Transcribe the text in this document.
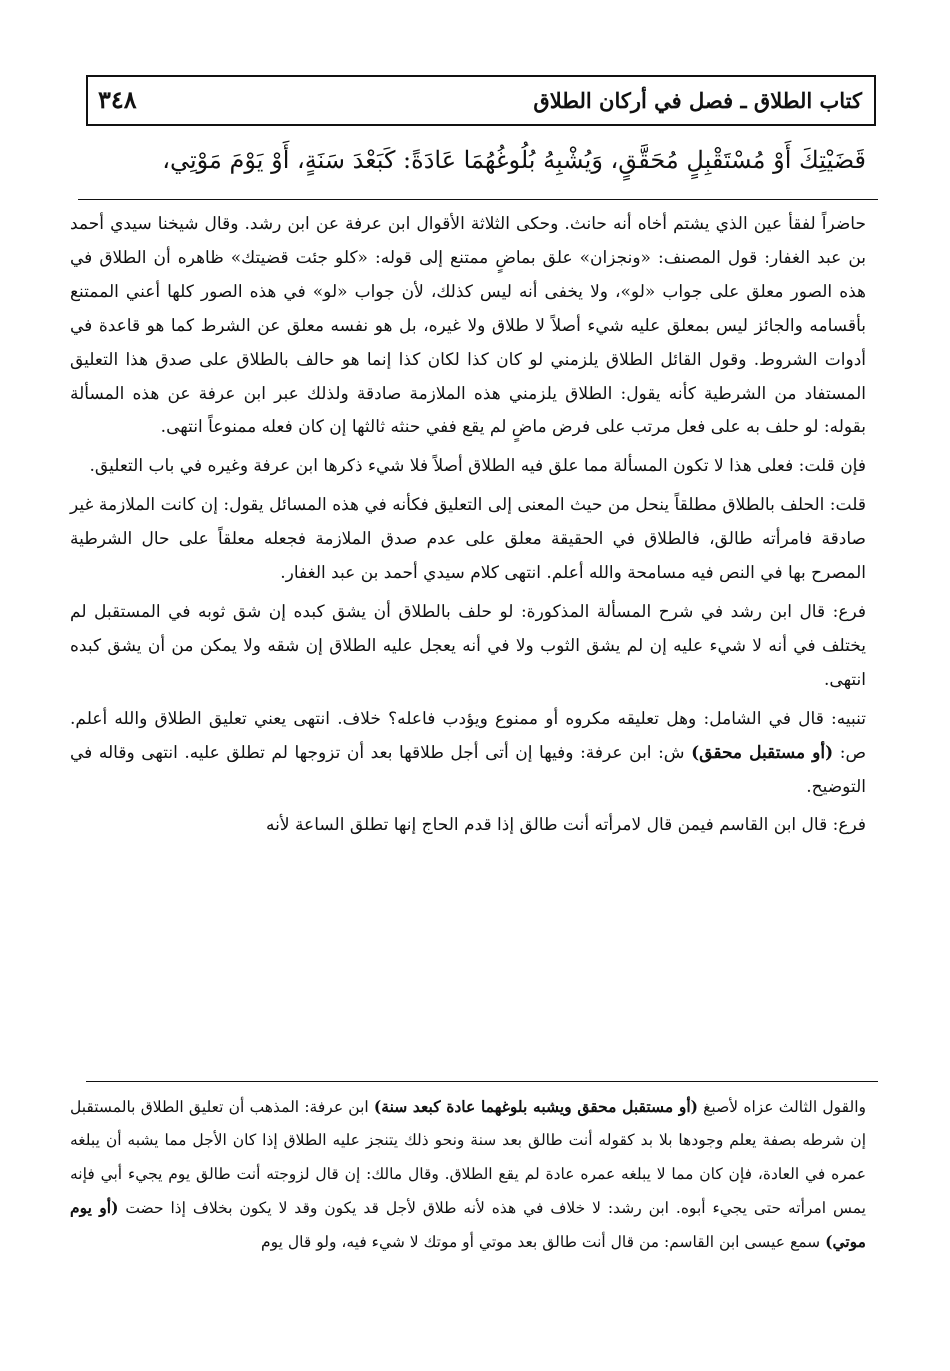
٣٤٨	كتاب الطلاق ـ فصل في أركان الطلاق
قَضَيْتِكَ أَوْ مُسْتَقْبِلٍ مُحَقَّقٍ، وَيُشْبِهُ بُلُوغُهُمَا عَادَةً: كَبَعْدَ سَنَةٍ، أَوْ يَوْمَ مَوْتِي،

حاضراً لفقأ عين الذي يشتم أخاه أنه حانث. وحكى الثلاثة الأقوال ابن عرفة عن ابن رشد. وقال شيخنا سيدي أحمد بن عبد الغفار: قول المصنف: «ونجزان» علق بماضٍ ممتنع إلى قوله: «كلو جئت قضيتك» ظاهره أن الطلاق في هذه الصور معلق على جواب «لو»، ولا يخفى أنه ليس كذلك، لأن جواب «لو» في هذه الصور كلها أعني الممتنع بأقسامه والجائز ليس بمعلق عليه شيء أصلاً لا طلاق ولا غيره، بل هو نفسه معلق عن الشرط كما هو قاعدة في أدوات الشروط. وقول القائل الطلاق يلزمني لو كان كذا لكان كذا إنما هو حالف بالطلاق على صدق هذا التعليق المستفاد من الشرطية كأنه يقول: الطلاق يلزمني هذه الملازمة صادقة ولذلك عبر ابن عرفة عن هذه المسألة بقوله: لو حلف به على فعل مرتب على فرض ماضٍ لم يقع ففي حنثه ثالثها إن كان فعله ممنوعاً انتهى.

فإن قلت: فعلى هذا لا تكون المسألة مما علق فيه الطلاق أصلاً فلا شيء ذكرها ابن عرفة وغيره في باب التعليق.

قلت: الحلف بالطلاق مطلقاً ينحل من حيث المعنى إلى التعليق فكأنه في هذه المسائل يقول: إن كانت الملازمة غير صادقة فامرأته طالق، فالطلاق في الحقيقة معلق على عدم صدق الملازمة فجعله معلقاً على حال الشرطية المصرح بها في النص فيه مسامحة والله أعلم. انتهى كلام سيدي أحمد بن عبد الغفار.

فرع: قال ابن رشد في شرح المسألة المذكورة: لو حلف بالطلاق أن يشق كبده إن شق ثوبه في المستقبل لم يختلف في أنه لا شيء عليه إن لم يشق الثوب ولا في أنه يعجل عليه الطلاق إن شقه ولا يمكن من أن يشق كبده انتهى.

تنبيه: قال في الشامل: وهل تعليقه مكروه أو ممنوع ويؤدب فاعله؟ خلاف. انتهى يعني تعليق الطلاق والله أعلم. ص: (أو مستقبل محقق) ش: ابن عرفة: وفيها إن أتى أجل طلاقها بعد أن تزوجها لم تطلق عليه. انتهى وقاله في التوضيح.

فرع: قال ابن القاسم فيمن قال لامرأته أنت طالق إذا قدم الحاج إنها تطلق الساعة لأنه

والقول الثالث عزاه لأصبغ (أو مستقبل محقق ويشبه بلوغهما عادة كبعد سنة) ابن عرفة: المذهب أن تعليق الطلاق بالمستقبل إن شرطه بصفة يعلم وجودها بلا بد كقوله أنت طالق بعد سنة ونحو ذلك يتنجز عليه الطلاق إذا كان الأجل مما يشبه أن يبلغه عمره في العادة، فإن كان مما لا يبلغه عمره عادة لم يقع الطلاق. وقال مالك: إن قال لزوجته أنت طالق يوم يجيء أبي فإنه يمس امرأته حتى يجيء أبوه. ابن رشد: لا خلاف في هذه لأنه طلاق لأجل قد يكون وقد لا يكون بخلاف إذا حضت (أو يوم موتي) سمع عيسى ابن القاسم: من قال أنت طالق بعد موتي أو موتك لا شيء فيه، ولو قال يوم
